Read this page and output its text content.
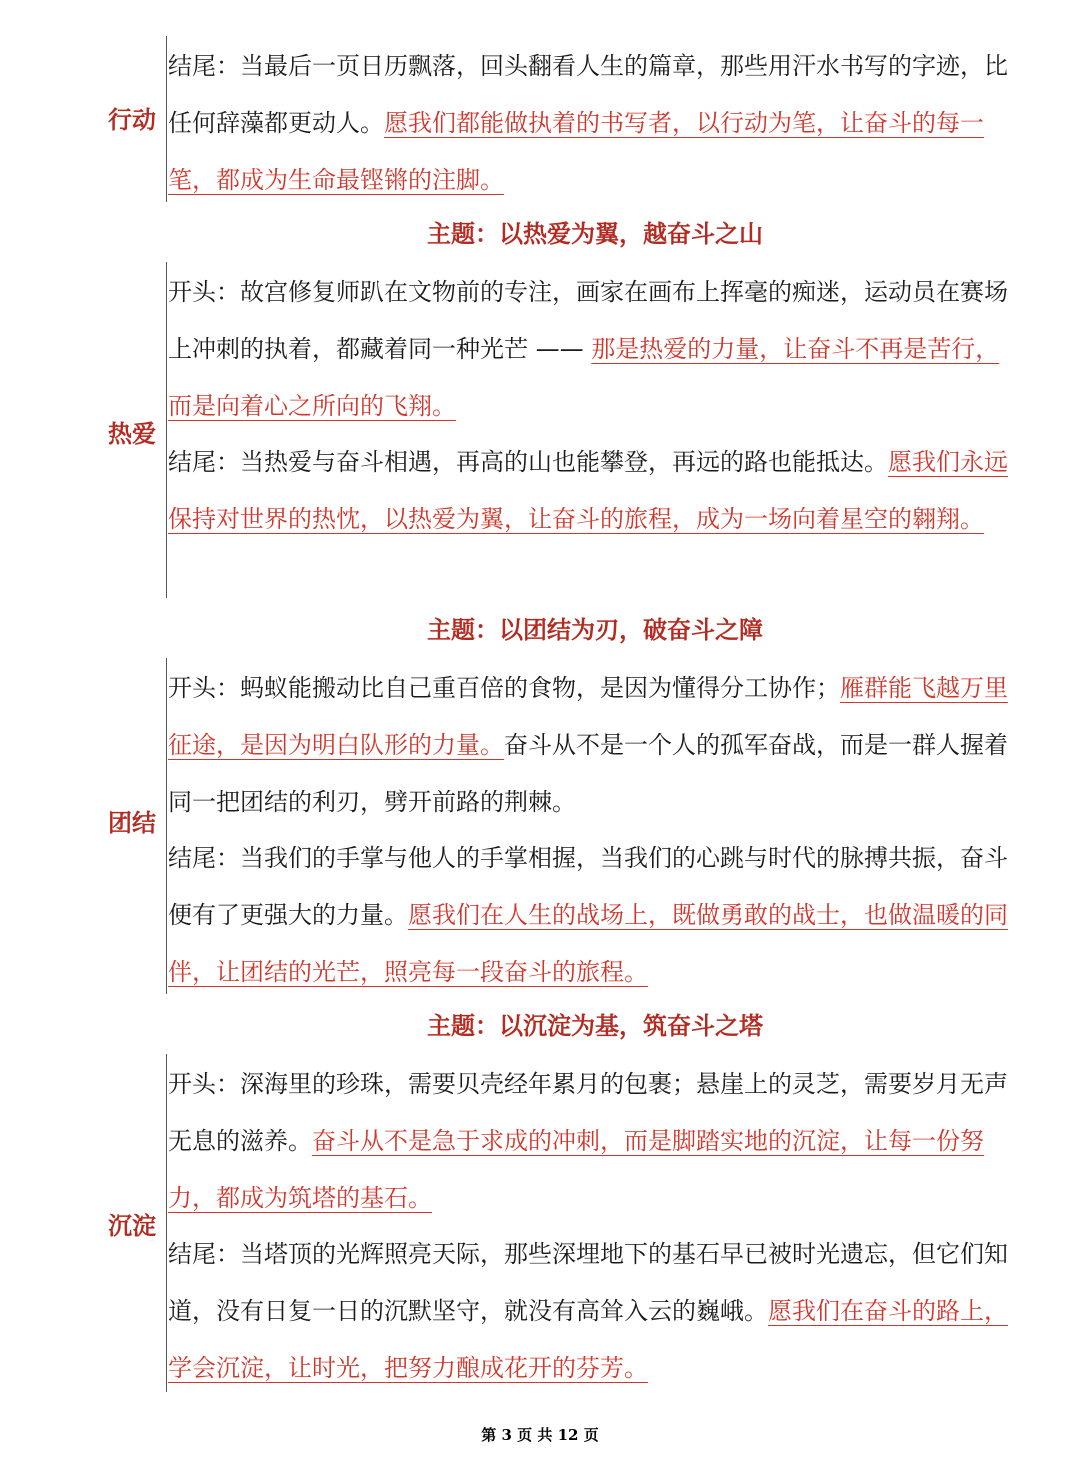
行动
结尾：当最后一页日历飘落，回头翻看人生的篇章，那些用汗水书写的字迹，比任何辞藻都更动人。愿我们都能做执着的书写者，以行动为笔，让奋斗的每一笔，都成为生命最铿锵的注脚。
主题：以热爱为翼，越奋斗之山
热爱
开头：故宫修复师趴在文物前的专注，画家在画布上挥毫的痴迷，运动员在赛场上冲刺的执着，都藏着同一种光芒 —— 那是热爱的力量，让奋斗不再是苦行，而是向着心之所向的飞翔。
结尾：当热爱与奋斗相遇，再高的山也能攀登，再远的路也能抵达。愿我们永远保持对世界的热忱，以热爱为翼，让奋斗的旅程，成为一场向着星空的翱翔。
主题：以团结为刃，破奋斗之障
团结
开头：蚂蚁能搬动比自己重百倍的食物，是因为懂得分工协作；雁群能飞越万里征途，是因为明白队形的力量。奋斗从不是一个人的孤军奋战，而是一群人握着同一把团结的利刃，劈开前路的荆棘。
结尾：当我们的手掌与他人的手掌相握，当我们的心跳与时代的脉搏共振，奋斗便有了更强大的力量。愿我们在人生的战场上，既做勇敢的战士，也做温暖的同伴，让团结的光芒，照亮每一段奋斗的旅程。
主题：以沉淀为基，筑奋斗之塔
沉淀
开头：深海里的珍珠，需要贝壳经年累月的包裹；悬崖上的灵芝，需要岁月无声无息的滋养。奋斗从不是急于求成的冲刺，而是脚踏实地的沉淀，让每一份努力，都成为筑塔的基石。
结尾：当塔顶的光辉照亮天际，那些深埋地下的基石早已被时光遗忘，但它们知道，没有日复一日的沉默坚守，就没有高耸入云的巍峨。愿我们在奋斗的路上，学会沉淀，让时光，把努力酿成花开的芬芳。
第 3 页 共 12 页
